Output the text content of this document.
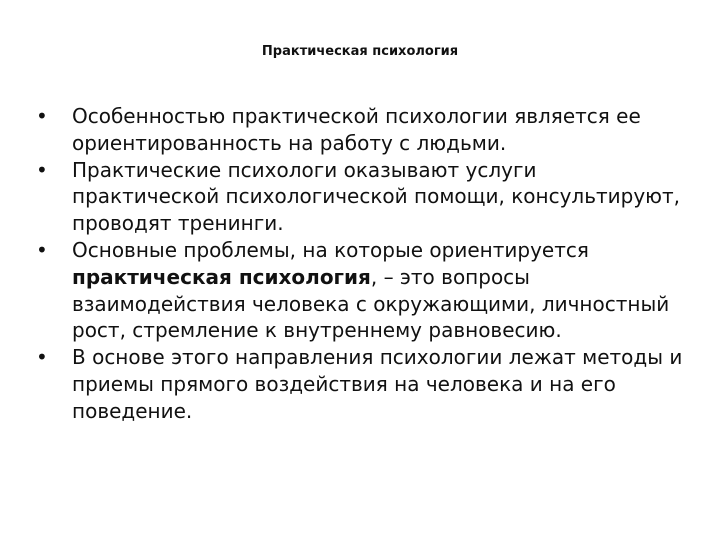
Практическая психология
•	Особенностью практической психологии является ее ориентированность на работу с людьми.
•	Практические психологи оказывают услуги практической психологической помощи, консультируют, проводят тренинги.
•	Основные проблемы, на которые ориентируется практическая психология, – это вопросы взаимодействия человека с окружающими, личностный рост, стремление к внутреннему равновесию.
•	В основе этого направления психологии лежат методы и приемы прямого воздействия на человека и на его поведение.
